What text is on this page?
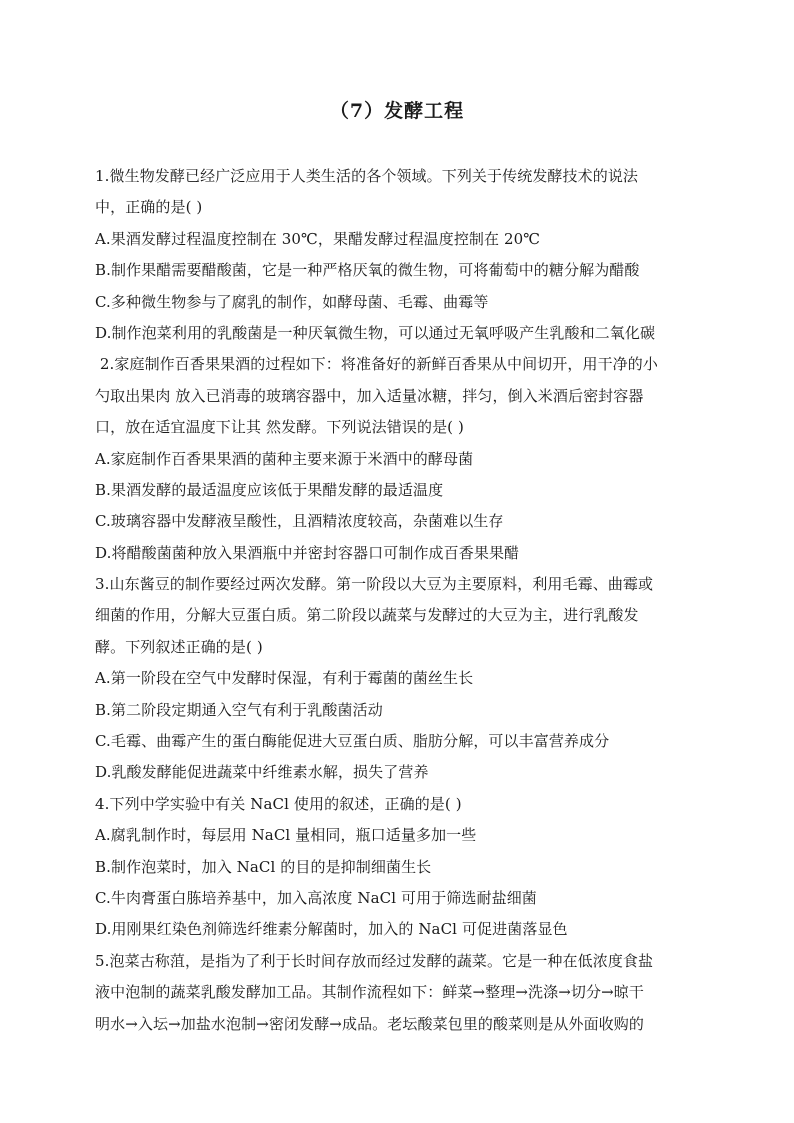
（7）发酵工程
1.微生物发酵已经广泛应用于人类生活的各个领域。下列关于传统发酵技术的说法
中，正确的是( )
A.果酒发酵过程温度控制在 30℃，果醋发酵过程温度控制在 20℃
B.制作果醋需要醋酸菌，它是一种严格厌氧的微生物，可将葡萄中的糖分解为醋酸
C.多种微生物参与了腐乳的制作，如酵母菌、毛霉、曲霉等
D.制作泡菜利用的乳酸菌是一种厌氧微生物，可以通过无氧呼吸产生乳酸和二氧化碳
2.家庭制作百香果果酒的过程如下：将准备好的新鲜百香果从中间切开，用干净的小
勺取出果肉 放入已消毒的玻璃容器中，加入适量冰糖，拌匀，倒入米酒后密封容器
口，放在适宜温度下让其 然发酵。下列说法错误的是( )
A.家庭制作百香果果酒的菌种主要来源于米酒中的酵母菌
B.果酒发酵的最适温度应该低于果醋发酵的最适温度
C.玻璃容器中发酵液呈酸性，且酒精浓度较高，杂菌难以生存
D.将醋酸菌菌种放入果酒瓶中并密封容器口可制作成百香果果醋
3.山东酱豆的制作要经过两次发酵。第一阶段以大豆为主要原料，利用毛霉、曲霉或
细菌的作用，分解大豆蛋白质。第二阶段以蔬菜与发酵过的大豆为主，进行乳酸发
酵。下列叙述正确的是( )
A.第一阶段在空气中发酵时保湿，有利于霉菌的菌丝生长
B.第二阶段定期通入空气有利于乳酸菌活动
C.毛霉、曲霉产生的蛋白酶能促进大豆蛋白质、脂肪分解，可以丰富营养成分
D.乳酸发酵能促进蔬菜中纤维素水解，损失了营养
4.下列中学实验中有关 NaCl 使用的叙述，正确的是( )
A.腐乳制作时，每层用 NaCl 量相同，瓶口适量多加一些
B.制作泡菜时，加入 NaCl 的目的是抑制细菌生长
C.牛肉膏蛋白胨培养基中，加入高浓度 NaCl 可用于筛选耐盐细菌
D.用刚果红染色剂筛选纤维素分解菌时，加入的 NaCl 可促进菌落显色
5.泡菜古称菹，是指为了利于长时间存放而经过发酵的蔬菜。它是一种在低浓度食盐
液中泡制的蔬菜乳酸发酵加工品。其制作流程如下：鲜菜→整理→洗涤→切分→晾干
明水→入坛→加盐水泡制→密闭发酵→成品。老坛酸菜包里的酸菜则是从外面收购的
